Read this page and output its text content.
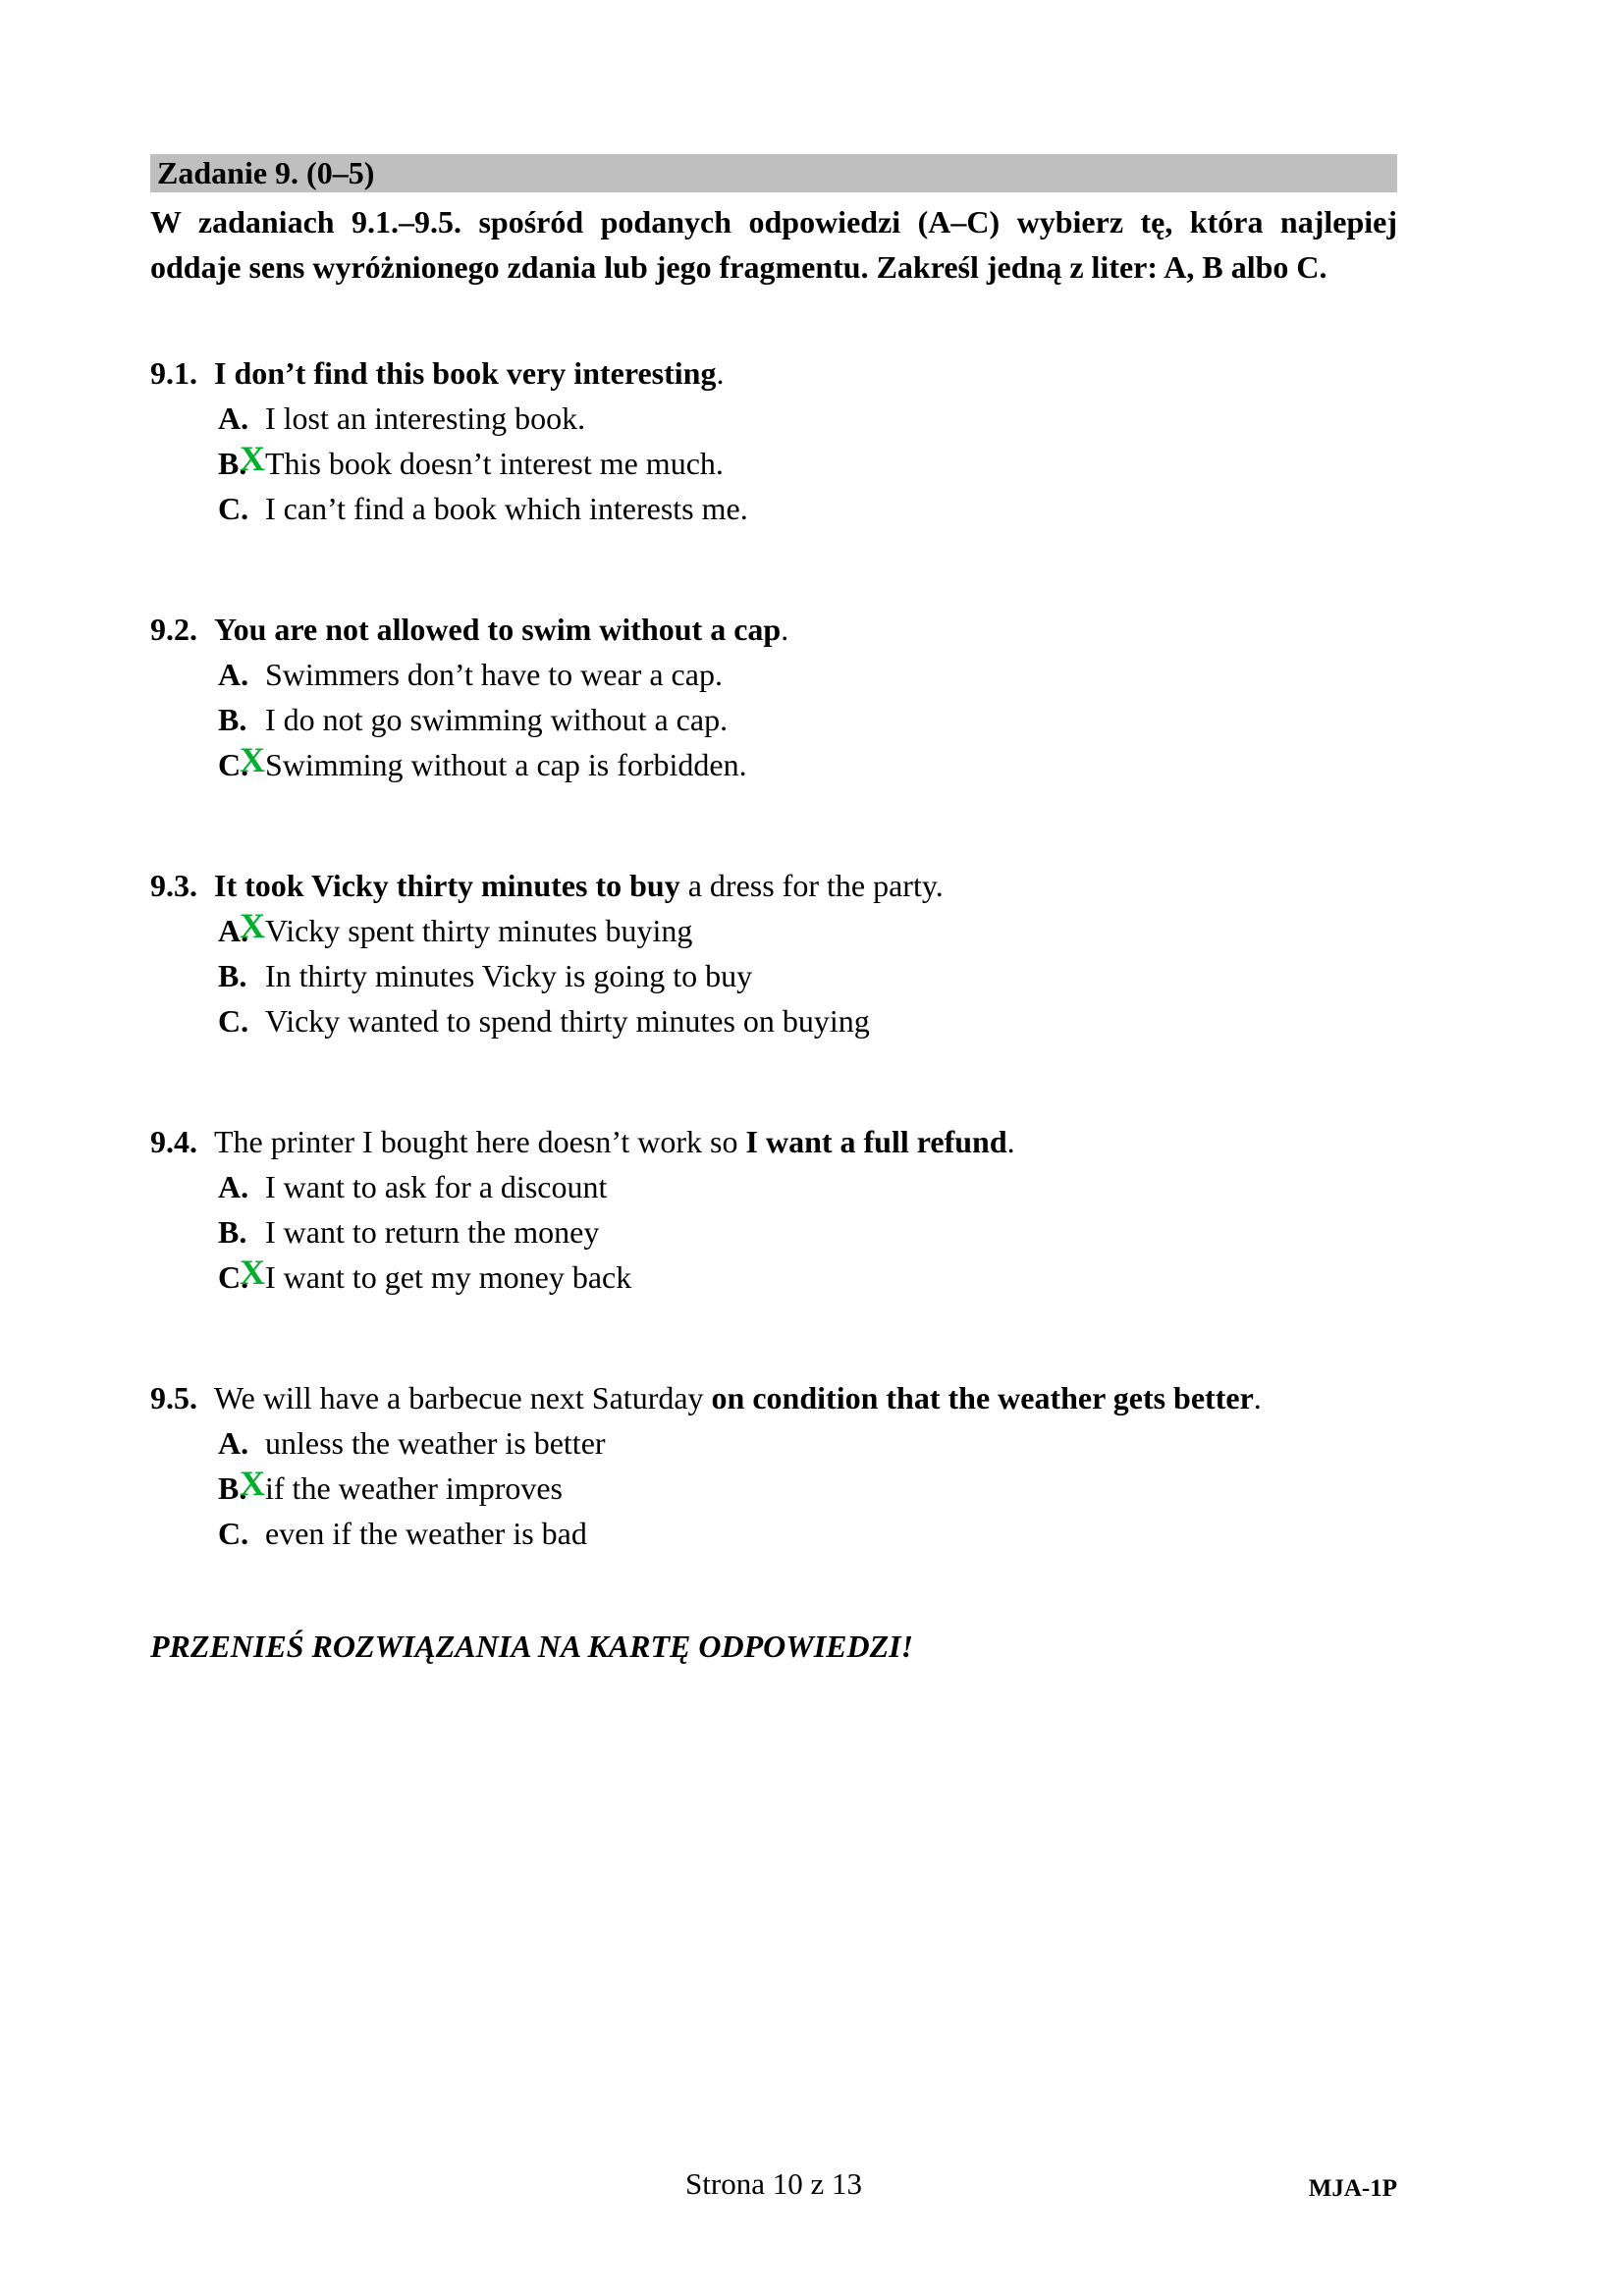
Zadanie 9. (0–5)

W zadaniach 9.1.–9.5. spośród podanych odpowiedzi (A–C) wybierz tę, która najlepiej oddaje sens wyróżnionego zdania lub jego fragmentu. Zakreśl jedną z liter: A, B albo C.

9.1. I don’t find this book very interesting.
A. I lost an interesting book.
B.
X This book doesn’t interest me much.
C. I can’t find a book which interests me.
9.2. You are not allowed to swim without a cap.
A. Swimmers don’t have to wear a cap.
B. I do not go swimming without a cap.
C.
X Swimming without a cap is forbidden.
9.3. It took Vicky thirty minutes to buy a dress for the party.
A.
X Vicky spent thirty minutes buying
B. In thirty minutes Vicky is going to buy
C. Vicky wanted to spend thirty minutes on buying
9.4. The printer I bought here doesn’t work so I want a full refund.
A. I want to ask for a discount
B. I want to return the money
C.
X I want to get my money back
9.5. We will have a barbecue next Saturday on condition that the weather gets better.
A. unless the weather is better
B.
X if the weather improves
C. even if the weather is bad

PRZENIEŚ ROZWIĄZANIA NA KARTĘ ODPOWIEDZI!

Strona 10 z 13	MJA-1P
